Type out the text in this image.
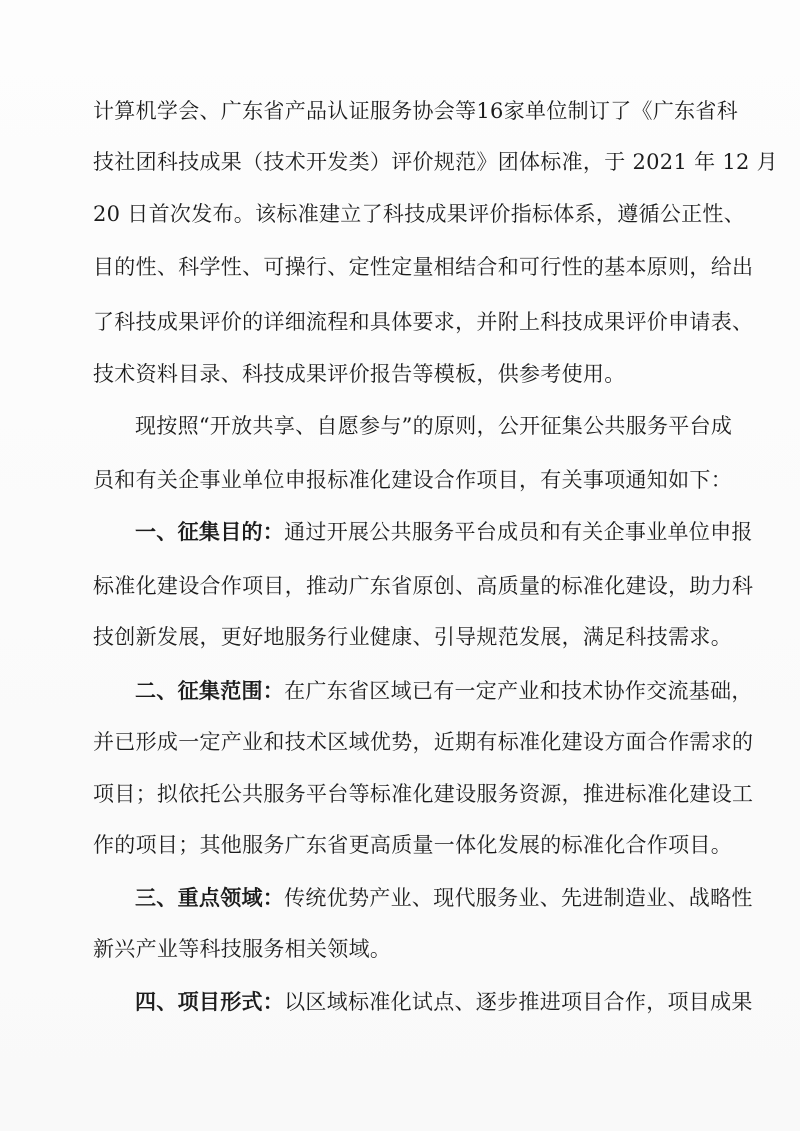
计算机学会、广东省产品认证服务协会等16家单位制订了《广东省科
技社团科技成果（技术开发类）评价规范》团体标准，于 2021 年 12 月
20 日首次发布。该标准建立了科技成果评价指标体系，遵循公正性、
目的性、科学性、可操行、定性定量相结合和可行性的基本原则，给出
了科技成果评价的详细流程和具体要求，并附上科技成果评价申请表、
技术资料目录、科技成果评价报告等模板，供参考使用。
现按照“开放共享、自愿参与”的原则，公开征集公共服务平台成
员和有关企事业单位申报标准化建设合作项目，有关事项通知如下：
一、征集目的：通过开展公共服务平台成员和有关企事业单位申报
标准化建设合作项目，推动广东省原创、高质量的标准化建设，助力科
技创新发展，更好地服务行业健康、引导规范发展，满足科技需求。
二、征集范围：在广东省区域已有一定产业和技术协作交流基础，
并已形成一定产业和技术区域优势，近期有标准化建设方面合作需求的
项目；拟依托公共服务平台等标准化建设服务资源，推进标准化建设工
作的项目；其他服务广东省更高质量一体化发展的标准化合作项目。
三、重点领域：传统优势产业、现代服务业、先进制造业、战略性
新兴产业等科技服务相关领域。
四、项目形式：以区域标准化试点、逐步推进项目合作，项目成果
